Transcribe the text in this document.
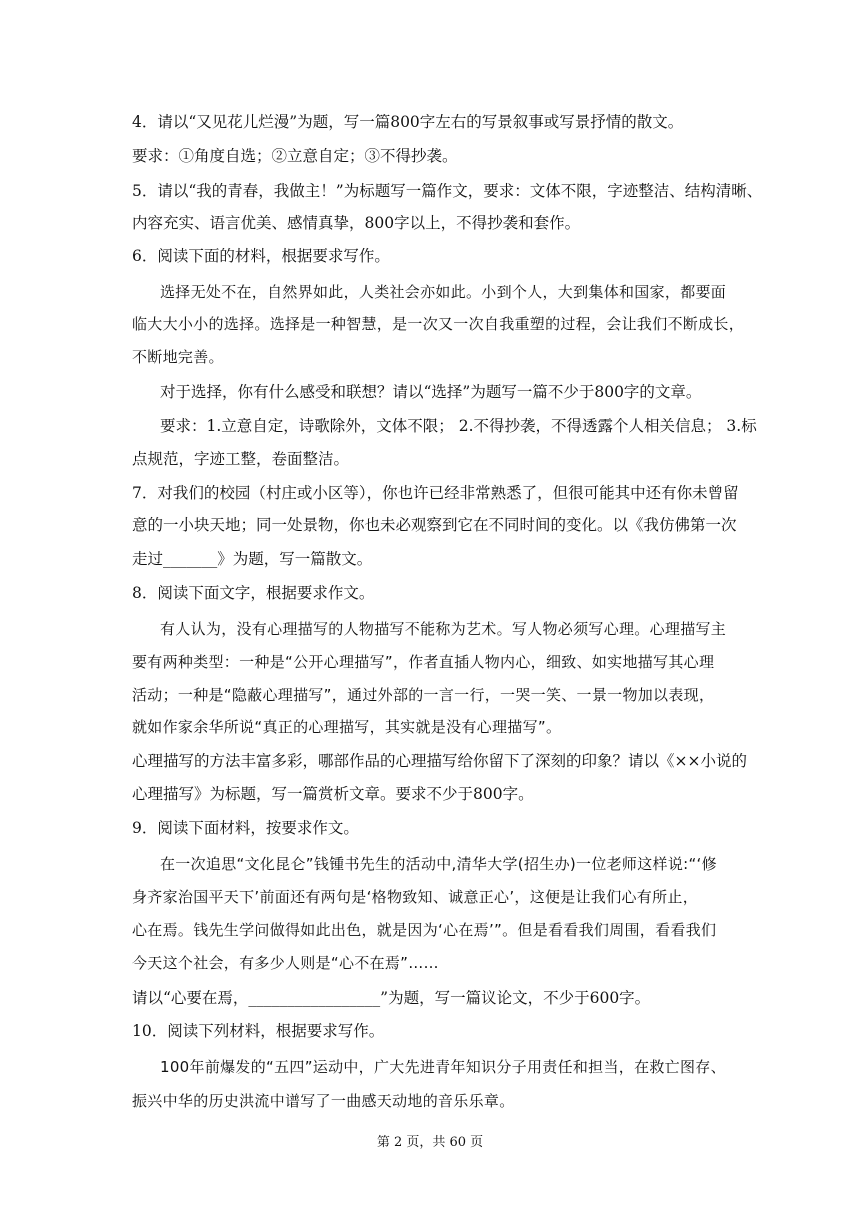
4．请以“又见花儿烂漫”为题，写一篇800字左右的写景叙事或写景抒情的散文。
要求：①角度自选；②立意自定；③不得抄袭。
5．请以“我的青春，我做主！”为标题写一篇作文，要求：文体不限，字迹整洁、结构清晰、
内容充实、语言优美、感情真挚，800字以上，不得抄袭和套作。
6．阅读下面的材料，根据要求写作。
选择无处不在，自然界如此，人类社会亦如此。小到个人，大到集体和国家，都要面
临大大小小的选择。选择是一种智慧，是一次又一次自我重塑的过程，会让我们不断成长，
不断地完善。
对于选择，你有什么感受和联想？请以“选择”为题写一篇不少于800字的文章。
要求：1.立意自定，诗歌除外，文体不限； 2.不得抄袭，不得透露个人相关信息； 3.标
点规范，字迹工整，卷面整洁。
7．对我们的校园（村庄或小区等），你也许已经非常熟悉了，但很可能其中还有你未曾留
意的一小块天地；同一处景物，你也未必观察到它在不同时间的变化。以《我仿佛第一次
走过_______》为题，写一篇散文。
8．阅读下面文字，根据要求作文。
有人认为，没有心理描写的人物描写不能称为艺术。写人物必须写心理。心理描写主
要有两种类型：一种是“公开心理描写”，作者直插人物内心，细致、如实地描写其心理
活动；一种是“隐蔽心理描写”，通过外部的一言一行，一哭一笑、一景一物加以表现，
就如作家余华所说“真正的心理描写，其实就是没有心理描写”。
心理描写的方法丰富多彩，哪部作品的心理描写给你留下了深刻的印象？请以《××小说的
心理描写》为标题，写一篇赏析文章。要求不少于800字。
9．阅读下面材料，按要求作文。
在一次追思“文化昆仑”钱锺书先生的活动中,清华大学(招生办)一位老师这样说:“‘修
身齐家治国平天下’前面还有两句是‘格物致知、诚意正心’，这便是让我们心有所止，
心在焉。钱先生学问做得如此出色，就是因为‘心在焉’”。但是看看我们周围，看看我们
今天这个社会，有多少人则是“心不在焉”……
请以“心要在焉，_________________”为题，写一篇议论文，不少于600字。
10．阅读下列材料，根据要求写作。
100年前爆发的“五四”运动中，广大先进青年知识分子用责任和担当，在救亡图存、
振兴中华的历史洪流中谱写了一曲感天动地的音乐乐章。
第 2 页，共 60 页
